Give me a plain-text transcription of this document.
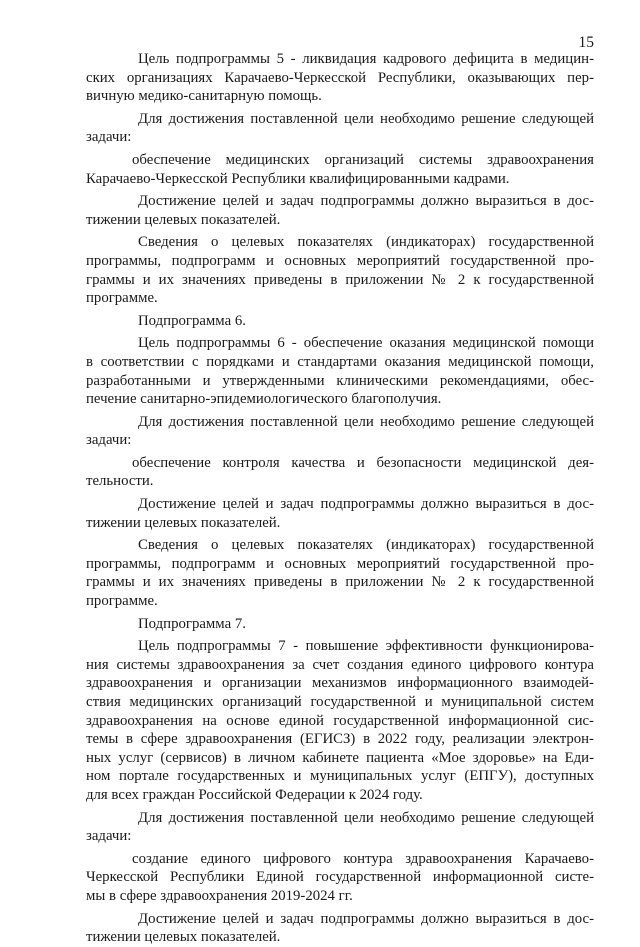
15
Цель подпрограммы 5 - ликвидация кадрового дефицита в медицин-
ских организациях Карачаево-Черкесской Республики, оказывающих пер-
вичную медико-санитарную помощь.
Для достижения поставленной цели необходимо решение следующей
задачи:
обеспечение медицинских организаций системы здравоохранения
Карачаево-Черкесской Республики квалифицированными кадрами.
Достижение целей и задач подпрограммы должно выразиться в дос-
тижении целевых показателей.
Сведения о целевых показателях (индикаторах) государственной
программы, подпрограмм и основных мероприятий государственной про-
граммы и их значениях приведены в приложении № 2 к государственной
программе.
Подпрограмма 6.
Цель подпрограммы 6 - обеспечение оказания медицинской помощи
в соответствии с порядками и стандартами оказания медицинской помощи,
разработанными и утвержденными клиническими рекомендациями, обес-
печение санитарно-эпидемиологического благополучия.
Для достижения поставленной цели необходимо решение следующей
задачи:
обеспечение контроля качества и безопасности медицинской дея-
тельности.
Достижение целей и задач подпрограммы должно выразиться в дос-
тижении целевых показателей.
Сведения о целевых показателях (индикаторах) государственной
программы, подпрограмм и основных мероприятий государственной про-
граммы и их значениях приведены в приложении № 2 к государственной
программе.
Подпрограмма 7.
Цель подпрограммы 7 - повышение эффективности функционирова-
ния системы здравоохранения за счет создания единого цифрового контура
здравоохранения и организации механизмов информационного взаимодей-
ствия медицинских организаций государственной и муниципальной систем
здравоохранения на основе единой государственной информационной сис-
темы в сфере здравоохранения (ЕГИСЗ) в 2022 году, реализации электрон-
ных услуг (сервисов) в личном кабинете пациента «Мое здоровье» на Еди-
ном портале государственных и муниципальных услуг (ЕПГУ), доступных
для всех граждан Российской Федерации к 2024 году.
Для достижения поставленной цели необходимо решение следующей
задачи:
создание единого цифрового контура здравоохранения Карачаево-
Черкесской Республики Единой государственной информационной систе-
мы в сфере здравоохранения 2019-2024 гг.
Достижение целей и задач подпрограммы должно выразиться в дос-
тижении целевых показателей.
